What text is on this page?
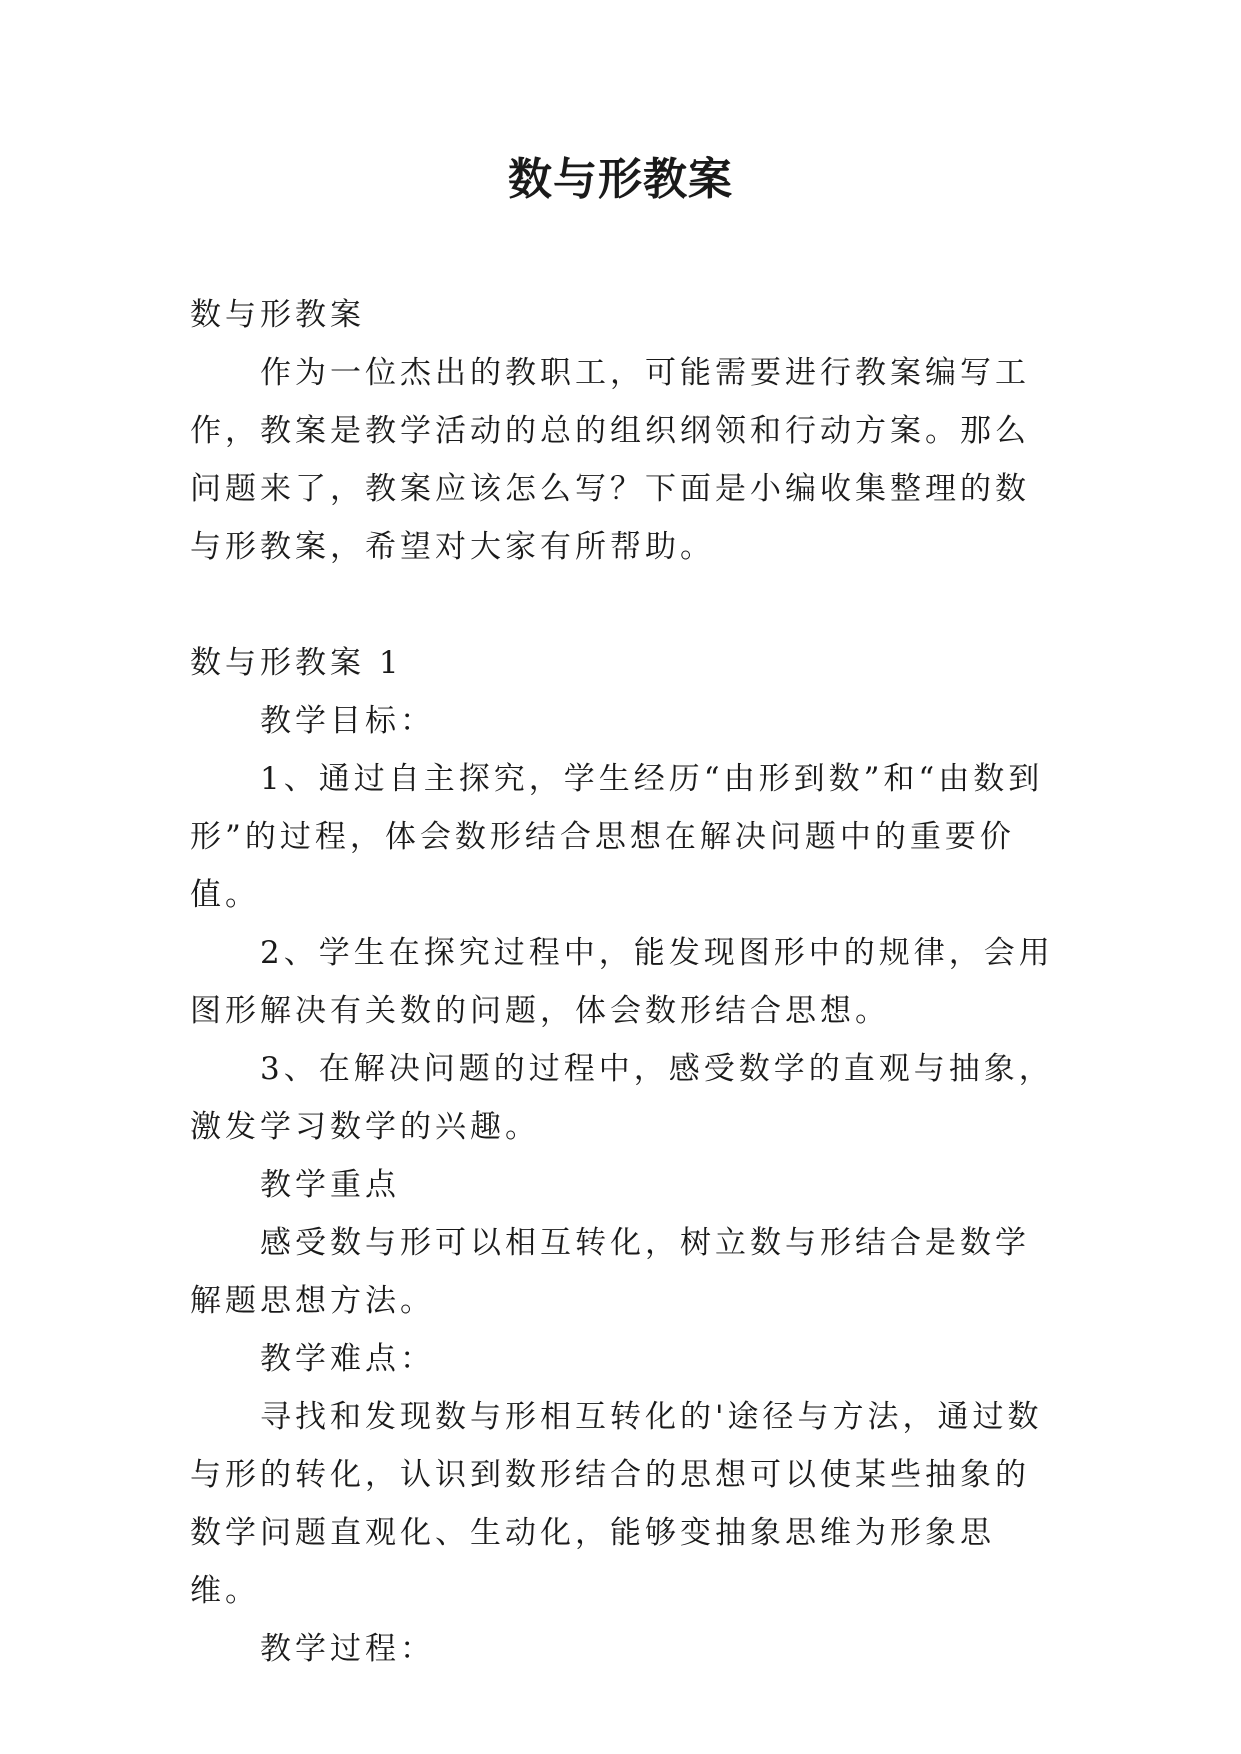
数与形教案

数与形教案

作为一位杰出的教职工，可能需要进行教案编写工作，教案是教学活动的总的组织纲领和行动方案。那么问题来了，教案应该怎么写？下面是小编收集整理的数与形教案，希望对大家有所帮助。

数与形教案 1

教学目标：

1、通过自主探究，学生经历“由形到数”和“由数到形”的过程，体会数形结合思想在解决问题中的重要价值。

2、学生在探究过程中，能发现图形中的规律，会用图形解决有关数的问题，体会数形结合思想。

3、在解决问题的过程中，感受数学的直观与抽象，激发学习数学的兴趣。

教学重点

感受数与形可以相互转化，树立数与形结合是数学解题思想方法。

教学难点：

寻找和发现数与形相互转化的'途径与方法，通过数与形的转化，认识到数形结合的思想可以使某些抽象的数学问题直观化、生动化，能够变抽象思维为形象思维。

教学过程：
